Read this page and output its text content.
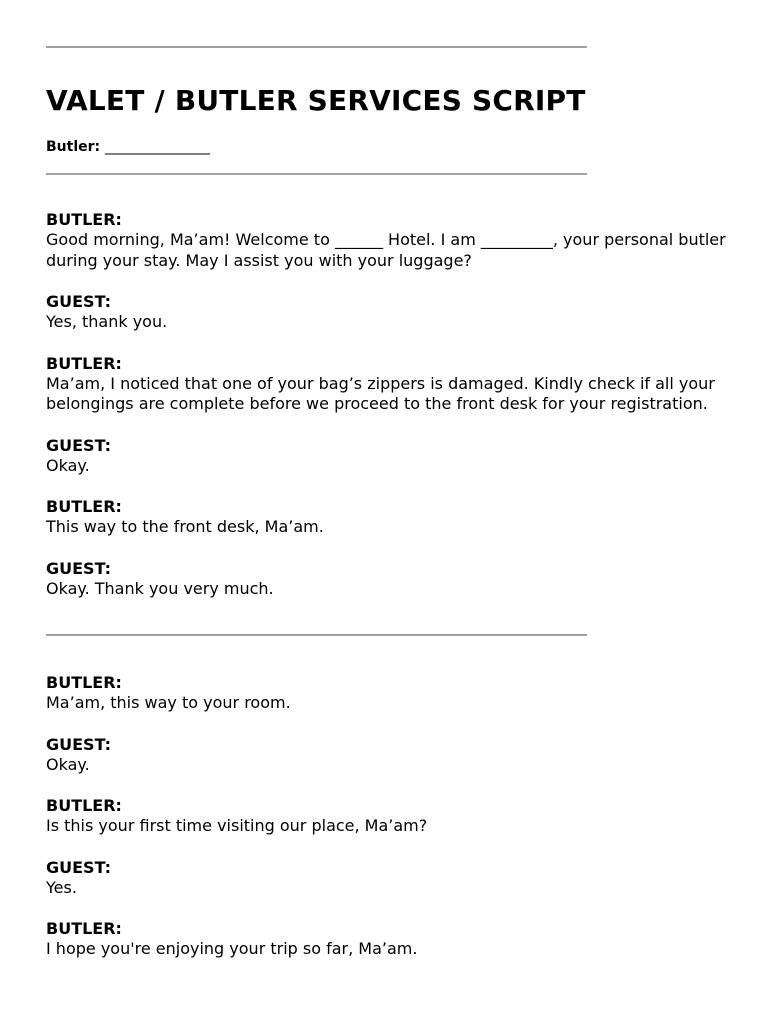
VALET / BUTLER SERVICES SCRIPT
Butler: _______________
BUTLER:
Good morning, Ma’am! Welcome to ______ Hotel. I am _________, your personal butler during your stay. May I assist you with your luggage?
GUEST:
Yes, thank you.
BUTLER:
Ma’am, I noticed that one of your bag’s zippers is damaged. Kindly check if all your belongings are complete before we proceed to the front desk for your registration.
GUEST:
Okay.
BUTLER:
This way to the front desk, Ma’am.
GUEST:
Okay. Thank you very much.
BUTLER:
Ma’am, this way to your room.
GUEST:
Okay.
BUTLER:
Is this your first time visiting our place, Ma’am?
GUEST:
Yes.
BUTLER:
I hope you're enjoying your trip so far, Ma’am.
